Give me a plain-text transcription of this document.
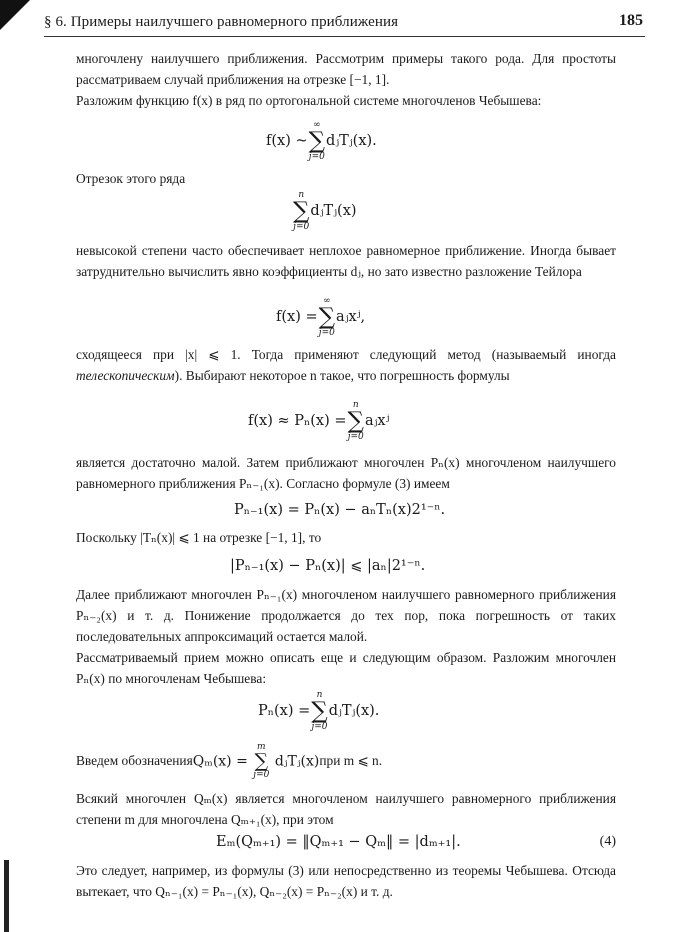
§ 6. Примеры наилучшего равномерного приближения	185
многочлену наилучшего приближения. Рассмотрим примеры такого рода. Для простоты рассматриваем случай приближения на отрезке [−1, 1].
Разложим функцию f(x) в ряд по ортогональной системе многочленов Чебышева:
f(x) ~
∞
∑
j=0
dⱼTⱼ(x).
Отрезок этого ряда
n
∑
j=0
dⱼTⱼ(x)
невысокой степени часто обеспечивает неплохое равномерное приближение. Иногда бывает затруднительно вычислить явно коэффициенты dⱼ, но зато известно разложение Тейлора
f(x) =
∞
∑
j=0
aⱼxʲ,
сходящееся при |x| ⩽ 1. Тогда применяют следующий метод (называемый иногда телескопическим). Выбирают некоторое n такое, что погрешность формулы
f(x) ≈ Pₙ(x) =
n
∑
j=0
aⱼxʲ
является достаточно малой. Затем приближают многочлен Pₙ(x) многочленом наилучшего равномерного приближения Pₙ₋₁(x). Согласно формуле (3) имеем
Pₙ₋₁(x) = Pₙ(x) − aₙTₙ(x)2¹⁻ⁿ.
Поскольку |Tₙ(x)| ⩽ 1 на отрезке [−1, 1], то
|Pₙ₋₁(x) − Pₙ(x)| ⩽ |aₙ|2¹⁻ⁿ.
Далее приближают многочлен Pₙ₋₁(x) многочленом наилучшего равномерного приближения Pₙ₋₂(x) и т. д. Понижение продолжается до тех пор, пока погрешность от таких последовательных аппроксимаций остается малой.
Рассматриваемый прием можно описать еще и следующим образом. Разложим многочлен Pₙ(x) по многочленам Чебышева:
Pₙ(x) =
n
∑
j=0
dⱼTⱼ(x).
Введем обозначения Qₘ(x) =
m
∑
j=0
dⱼTⱼ(x) при m ⩽ n.
Всякий многочлен Qₘ(x) является многочленом наилучшего равномерного приближения степени m для многочлена Qₘ₊₁(x), при этом
Eₘ(Qₘ₊₁) = ‖Qₘ₊₁ − Qₘ‖ = |dₘ₊₁|.	(4)
Это следует, например, из формулы (3) или непосредственно из теоремы Чебышева. Отсюда вытекает, что Qₙ₋₁(x) = Pₙ₋₁(x), Qₙ₋₂(x) = Pₙ₋₂(x) и т. д.
